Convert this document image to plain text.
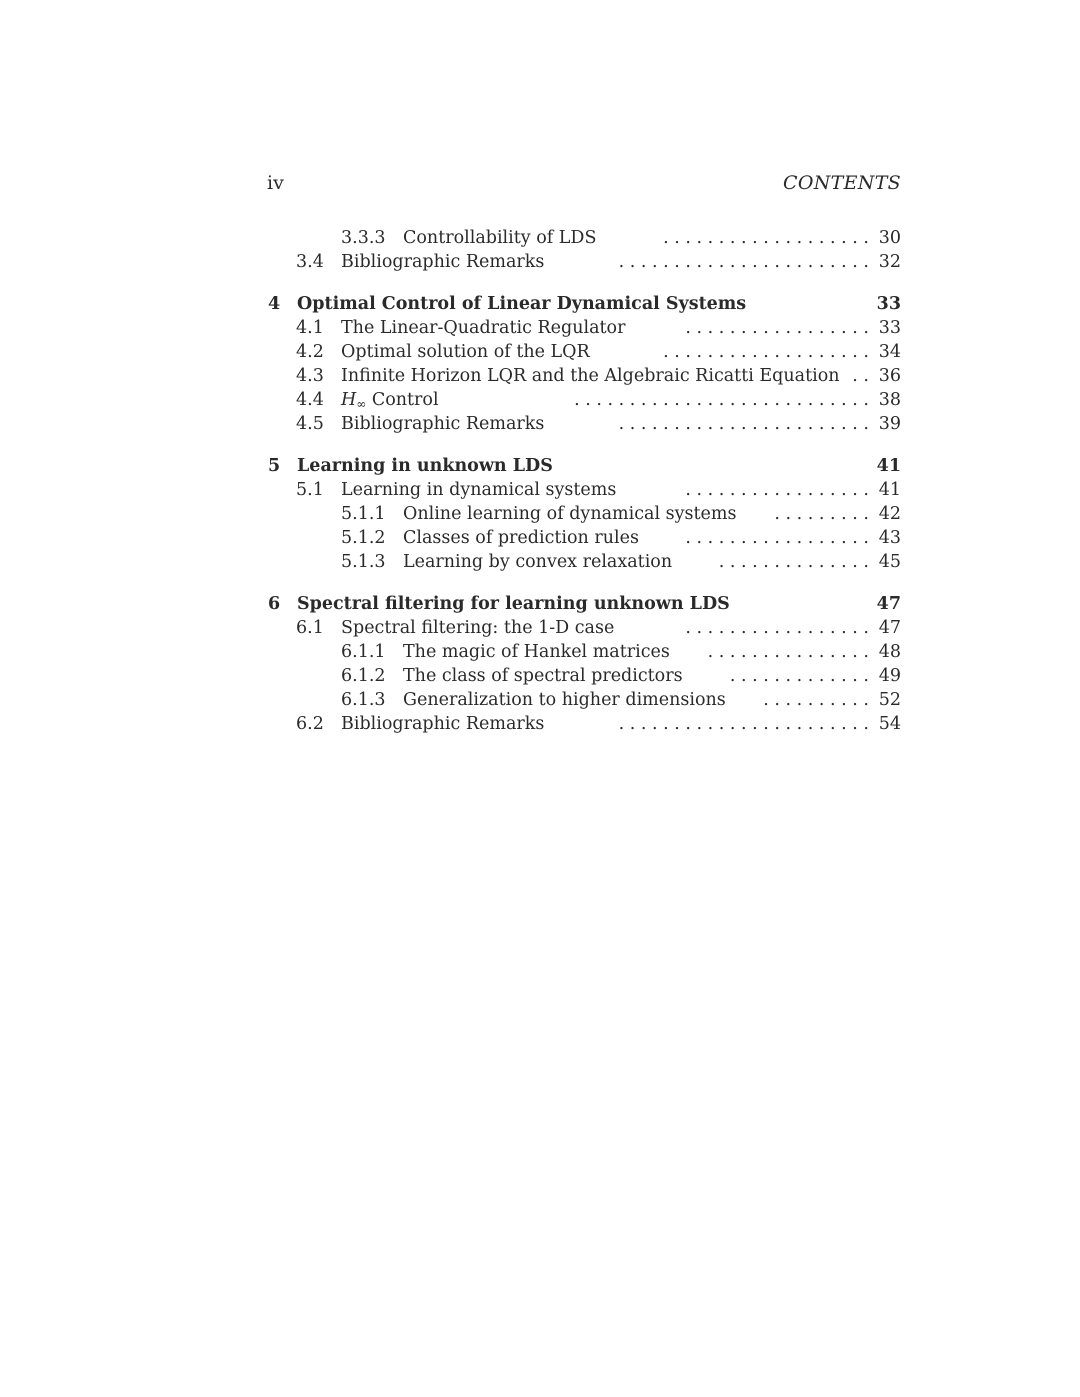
iv	CONTENTS
3.3.3 Controllability of LDS	. . . . . . . . . . . . . . . . . . . 30
3.4 Bibliographic Remarks	. . . . . . . . . . . . . . . . . . . . . . . 32
4 Optimal Control of Linear Dynamical Systems	33
4.1 The Linear-Quadratic Regulator	. . . . . . . . . . . . . . . . . 33
4.2 Optimal solution of the LQR	. . . . . . . . . . . . . . . . . . . 34
4.3 Infinite Horizon LQR and the Algebraic Ricatti Equation . . 36
4.4 $H_\infty$ Control	. . . . . . . . . . . . . . . . . . . . . . . . . . . 38
4.5 Bibliographic Remarks	. . . . . . . . . . . . . . . . . . . . . . . 39
5 Learning in unknown LDS	41
5.1 Learning in dynamical systems	. . . . . . . . . . . . . . . . . 41
5.1.1 Online learning of dynamical systems	. . . . . . . . . 42
5.1.2 Classes of prediction rules	. . . . . . . . . . . . . . . . . 43
5.1.3 Learning by convex relaxation	. . . . . . . . . . . . . . 45
6 Spectral filtering for learning unknown LDS	47
6.1 Spectral filtering: the 1-D case	. . . . . . . . . . . . . . . . . 47
6.1.1 The magic of Hankel matrices	. . . . . . . . . . . . . . . 48
6.1.2 The class of spectral predictors	. . . . . . . . . . . . . 49
6.1.3 Generalization to higher dimensions	. . . . . . . . . . 52
6.2 Bibliographic Remarks	. . . . . . . . . . . . . . . . . . . . . . . 54
